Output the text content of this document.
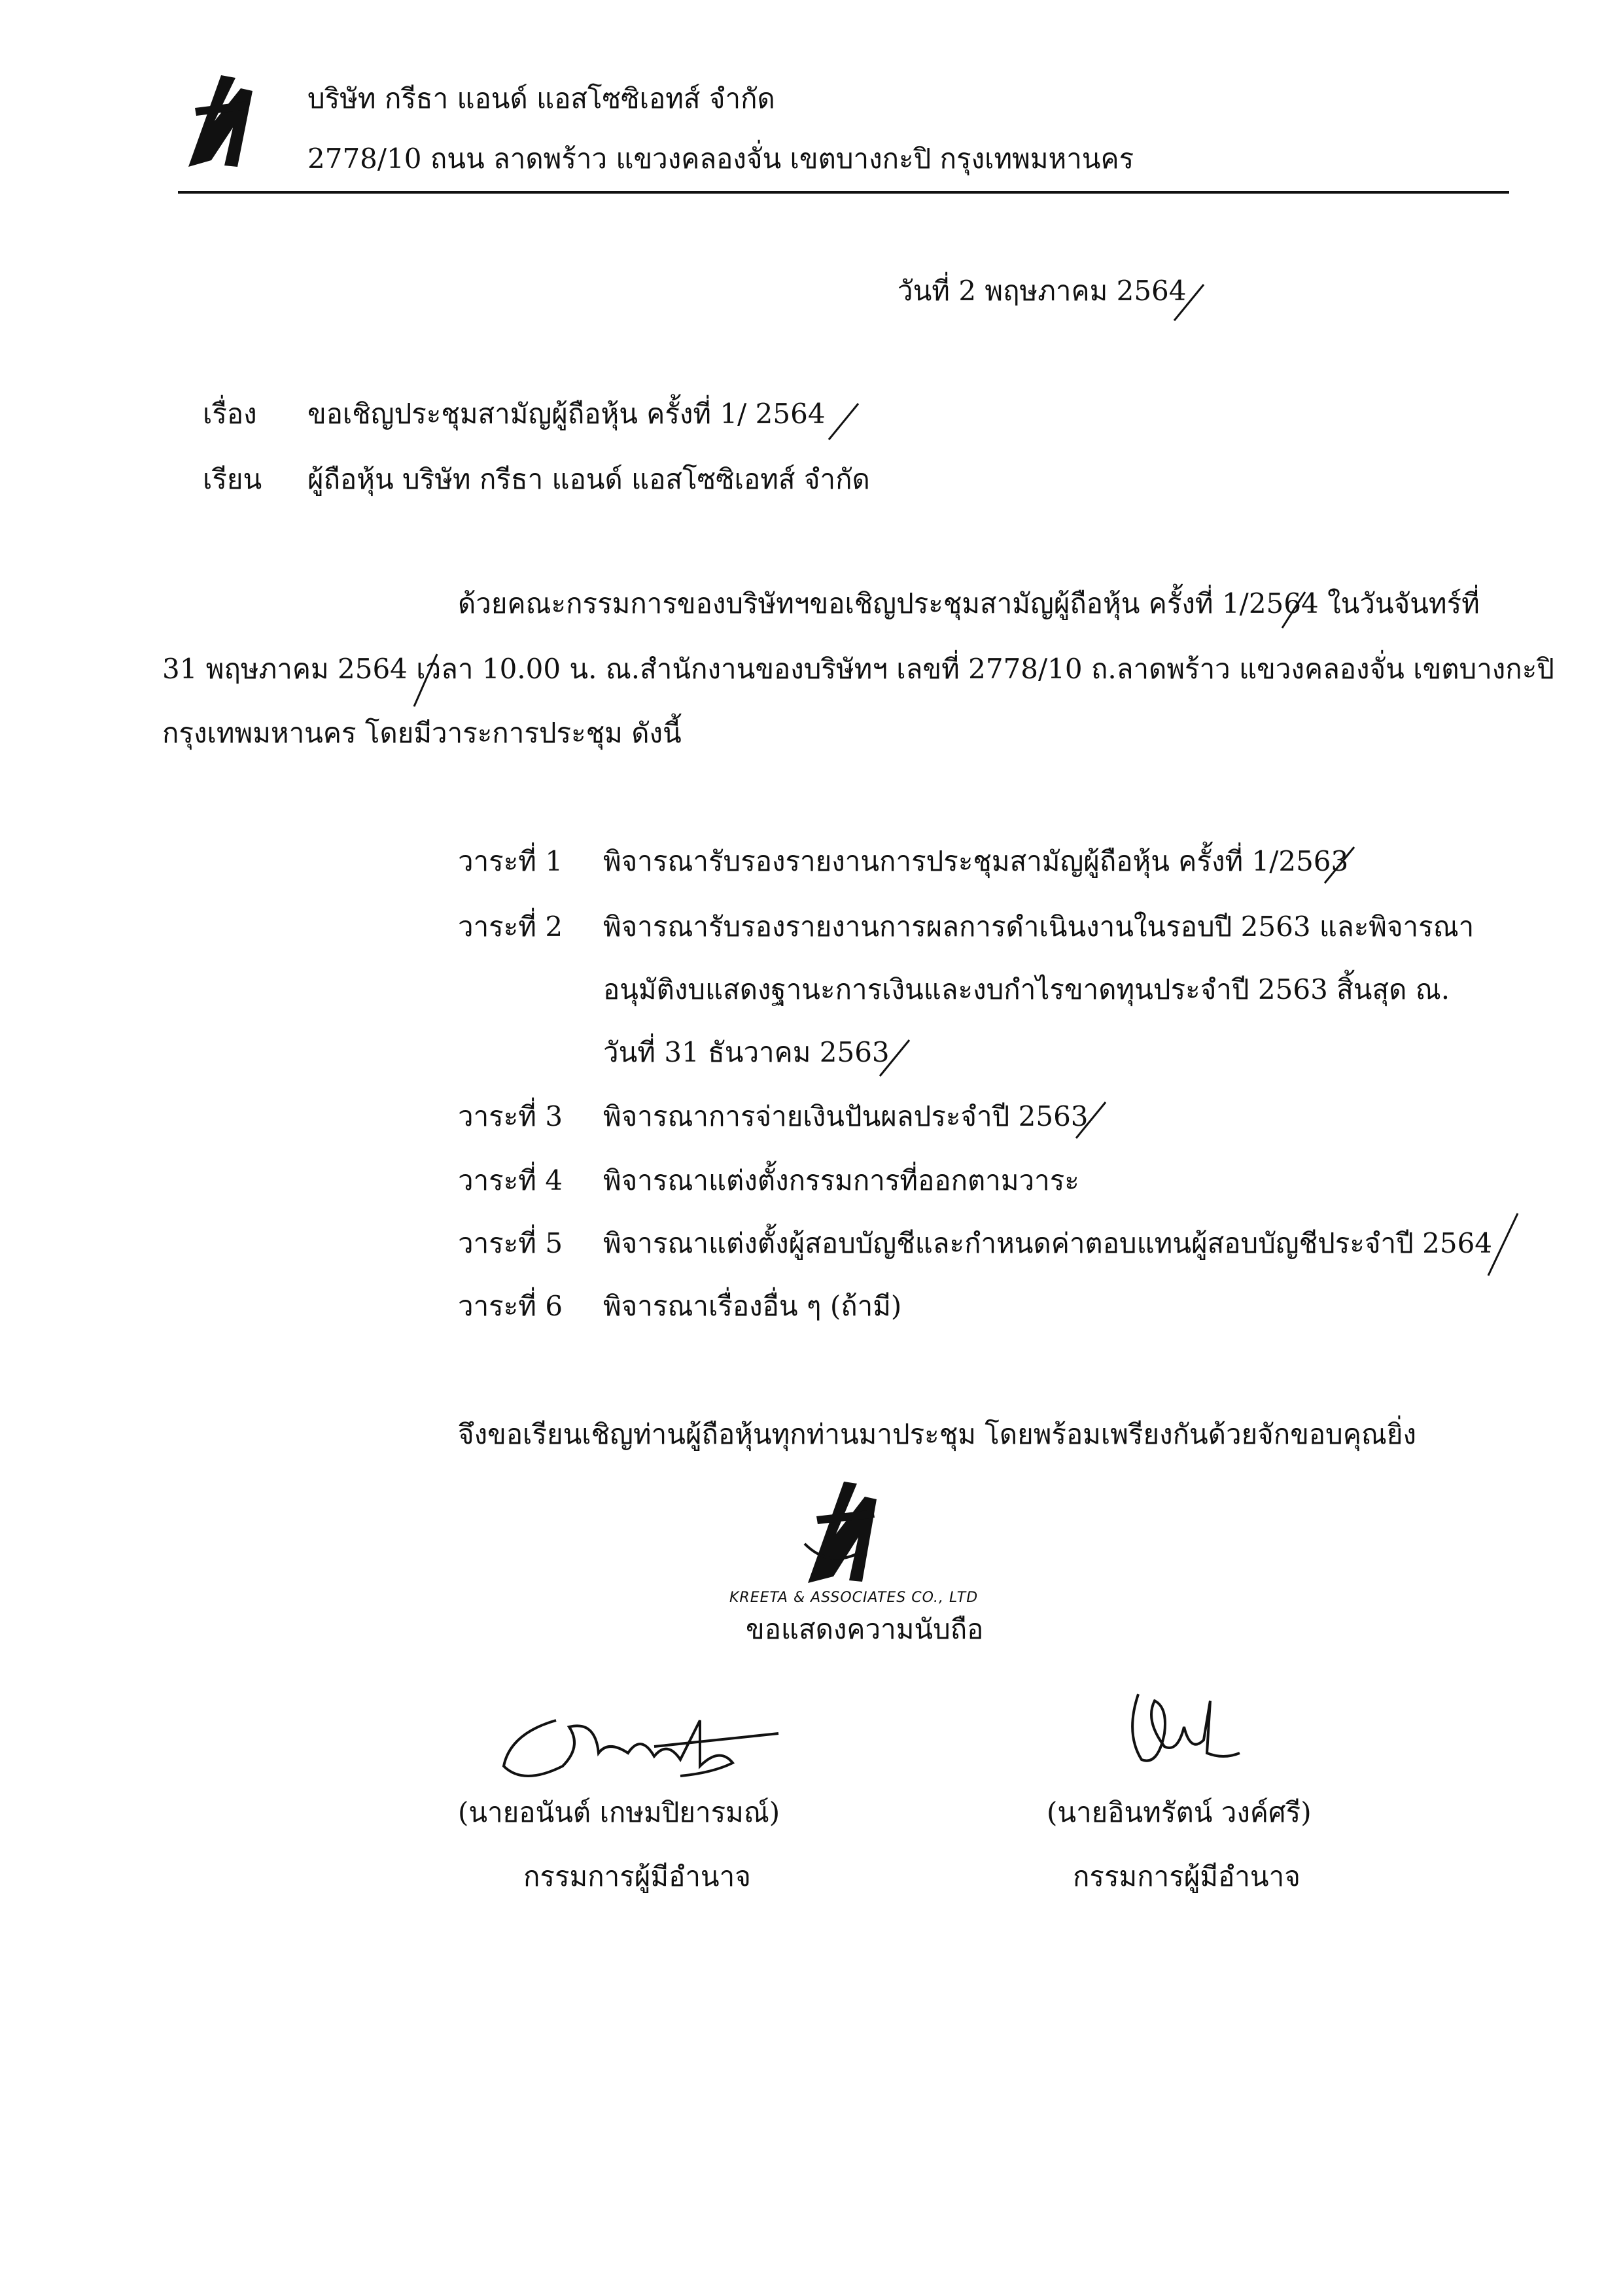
บริษัท กรีธา แอนด์ แอสโซซิเอทส์ จำกัด
2778/10 ถนน ลาดพร้าว แขวงคลองจั่น เขตบางกะปิ กรุงเทพมหานคร
วันที่ 2 พฤษภาคม 2564
เรื่อง ขอเชิญประชุมสามัญผู้ถือหุ้น ครั้งที่ 1/ 2564
เรียน ผู้ถือหุ้น บริษัท กรีธา แอนด์ แอสโซซิเอทส์ จำกัด
ด้วยคณะกรรมการของบริษัทฯขอเชิญประชุมสามัญผู้ถือหุ้น ครั้งที่ 1/2564 ในวันจันทร์ที่
31 พฤษภาคม 2564 เวลา 10.00 น. ณ.สำนักงานของบริษัทฯ เลขที่ 2778/10 ถ.ลาดพร้าว แขวงคลองจั่น เขตบางกะปิ
กรุงเทพมหานคร โดยมีวาระการประชุม ดังนี้
วาระที่ 1 พิจารณารับรองรายงานการประชุมสามัญผู้ถือหุ้น ครั้งที่ 1/2563
วาระที่ 2 พิจารณารับรองรายงานการผลการดำเนินงานในรอบปี 2563 และพิจารณา
อนุมัติงบแสดงฐานะการเงินและงบกำไรขาดทุนประจำปี 2563 สิ้นสุด ณ.
วันที่ 31 ธันวาคม 2563
วาระที่ 3 พิจารณาการจ่ายเงินปันผลประจำปี 2563
วาระที่ 4 พิจารณาแต่งตั้งกรรมการที่ออกตามวาระ
วาระที่ 5 พิจารณาแต่งตั้งผู้สอบบัญชีและกำหนดค่าตอบแทนผู้สอบบัญชีประจำปี 2564
วาระที่ 6 พิจารณาเรื่องอื่น ๆ (ถ้ามี)
จึงขอเรียนเชิญท่านผู้ถือหุ้นทุกท่านมาประชุม โดยพร้อมเพรียงกันด้วยจักขอบคุณยิ่ง
KREETA & ASSOCIATES CO., LTD
ขอแสดงความนับถือ
(นายอนันต์ เกษมปิยารมณ์)
กรรมการผู้มีอำนาจ
(นายอินทรัตน์ วงค์ศรี)
กรรมการผู้มีอำนาจ
